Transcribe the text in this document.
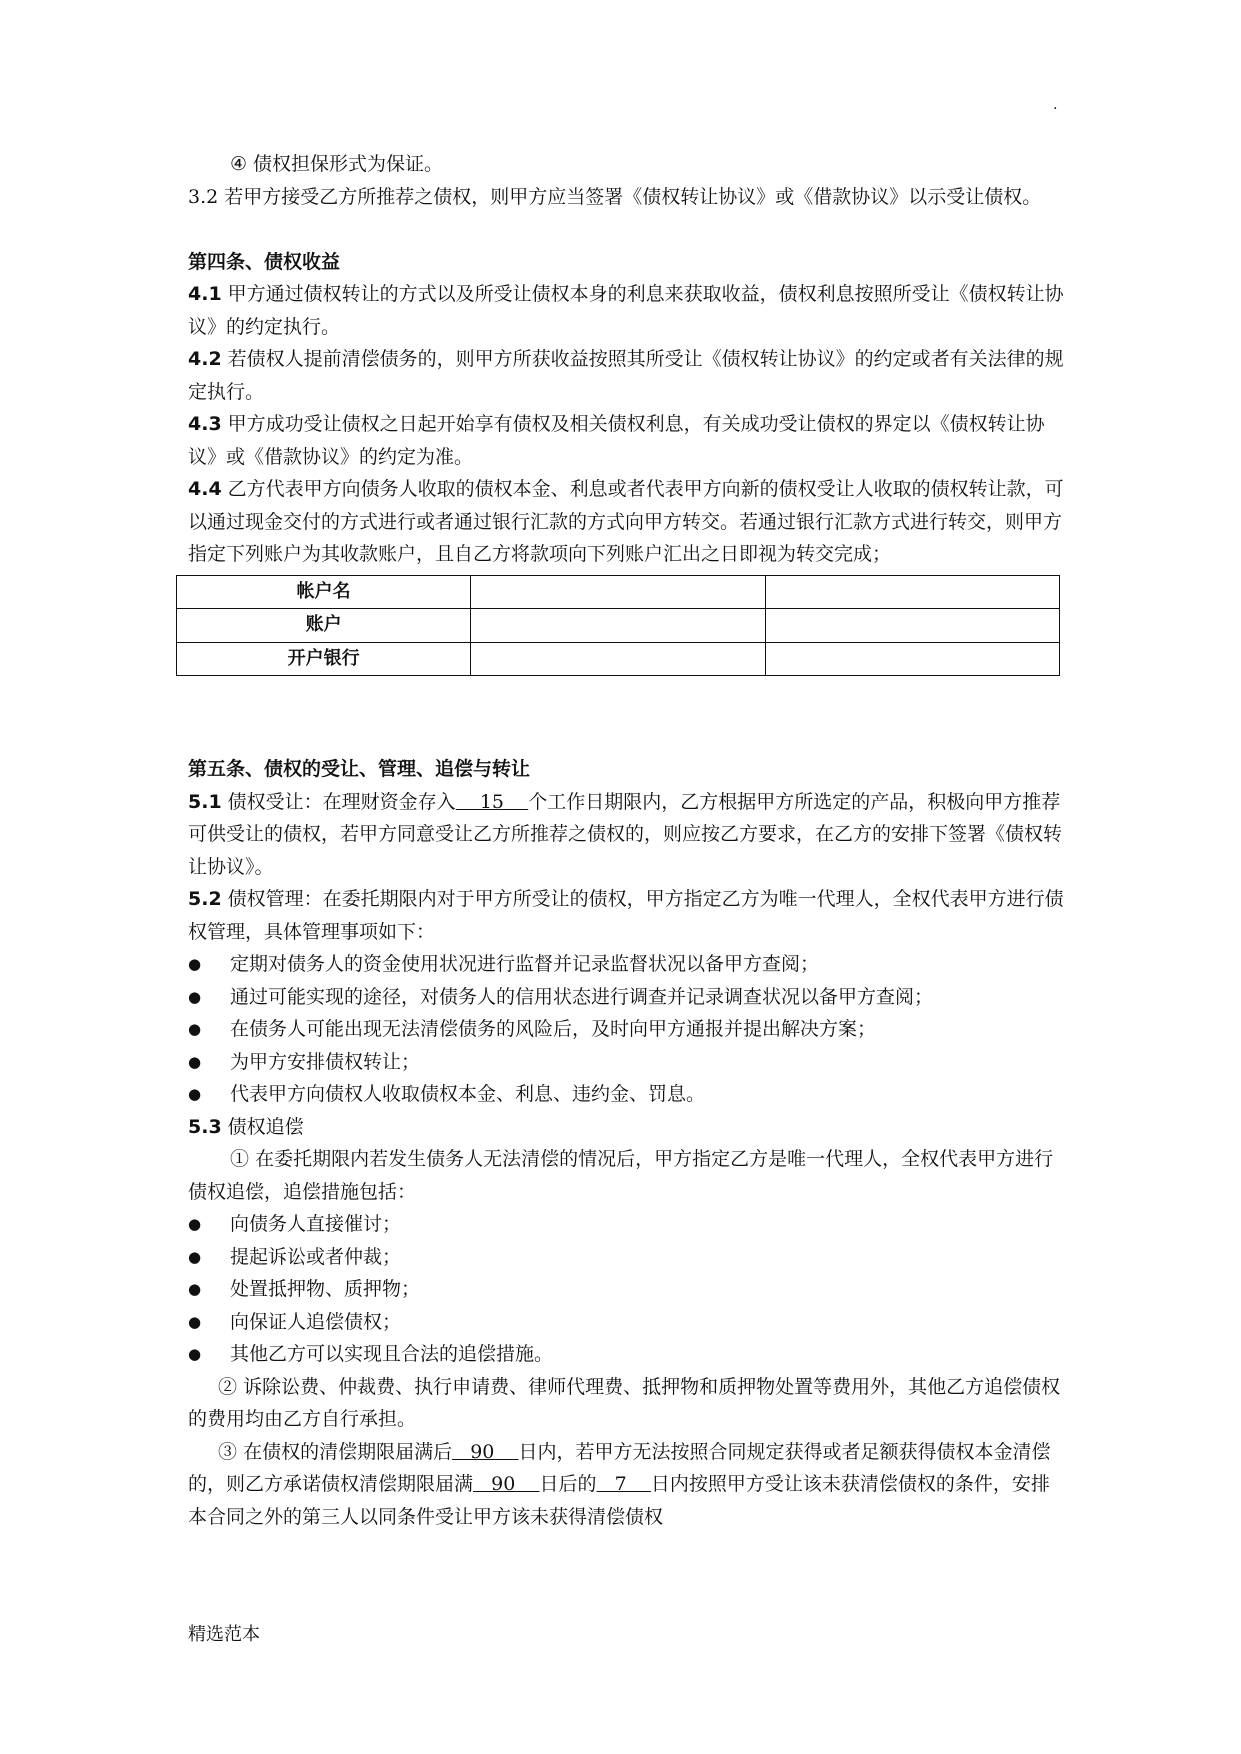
.

④ 债权担保形式为保证。

3.2 若甲方接受乙方所推荐之债权，则甲方应当签署《债权转让协议》或《借款协议》以示受让债权。

第四条、债权收益

4.1 甲方通过债权转让的方式以及所受让债权本身的利息来获取收益，债权利息按照所受让《债权转让协议》的约定执行。

4.2 若债权人提前清偿债务的，则甲方所获收益按照其所受让《债权转让协议》的约定或者有关法律的规定执行。

4.3 甲方成功受让债权之日起开始享有债权及相关债权利息，有关成功受让债权的界定以《债权转让协议》或《借款协议》的约定为准。

4.4 乙方代表甲方向债务人收取的债权本金、利息或者代表甲方向新的债权受让人收取的债权转让款，可以通过现金交付的方式进行或者通过银行汇款的方式向甲方转交。若通过银行汇款方式进行转交，则甲方指定下列账户为其收款账户，且自乙方将款项向下列账户汇出之日即视为转交完成；

帐户名		
账户		
开户银行		

第五条、债权的受让、管理、追偿与转让

5.1 债权受让：在理财资金存入    15    个工作日期限内，乙方根据甲方所选定的产品，积极向甲方推荐可供受让的债权，若甲方同意受让乙方所推荐之债权的，则应按乙方要求，在乙方的安排下签署《债权转让协议》。

5.2 债权管理：在委托期限内对于甲方所受让的债权，甲方指定乙方为唯一代理人，全权代表甲方进行债权管理，具体管理事项如下：

●	定期对债务人的资金使用状况进行监督并记录监督状况以备甲方查阅；
●	通过可能实现的途径，对债务人的信用状态进行调查并记录调查状况以备甲方查阅；
●	在债务人可能出现无法清偿债务的风险后，及时向甲方通报并提出解决方案；
●	为甲方安排债权转让；
●	代表甲方向债权人收取债权本金、利息、违约金、罚息。

5.3 债权追偿

① 在委托期限内若发生债务人无法清偿的情况后，甲方指定乙方是唯一代理人，全权代表甲方进行债权追偿，追偿措施包括：

●	向债务人直接催讨；
●	提起诉讼或者仲裁；
●	处置抵押物、质押物；
●	向保证人追偿债权；
●	其他乙方可以实现且合法的追偿措施。

② 诉除讼费、仲裁费、执行申请费、律师代理费、抵押物和质押物处置等费用外，其他乙方追偿债权的费用均由乙方自行承担。

③ 在债权的清偿期限届满后   90    日内，若甲方无法按照合同规定获得或者足额获得债权本金清偿的，则乙方承诺债权清偿期限届满   90    日后的   7    日内按照甲方受让该未获清偿债权的条件，安排本合同之外的第三人以同条件受让甲方该未获得清偿债权

精选范本
